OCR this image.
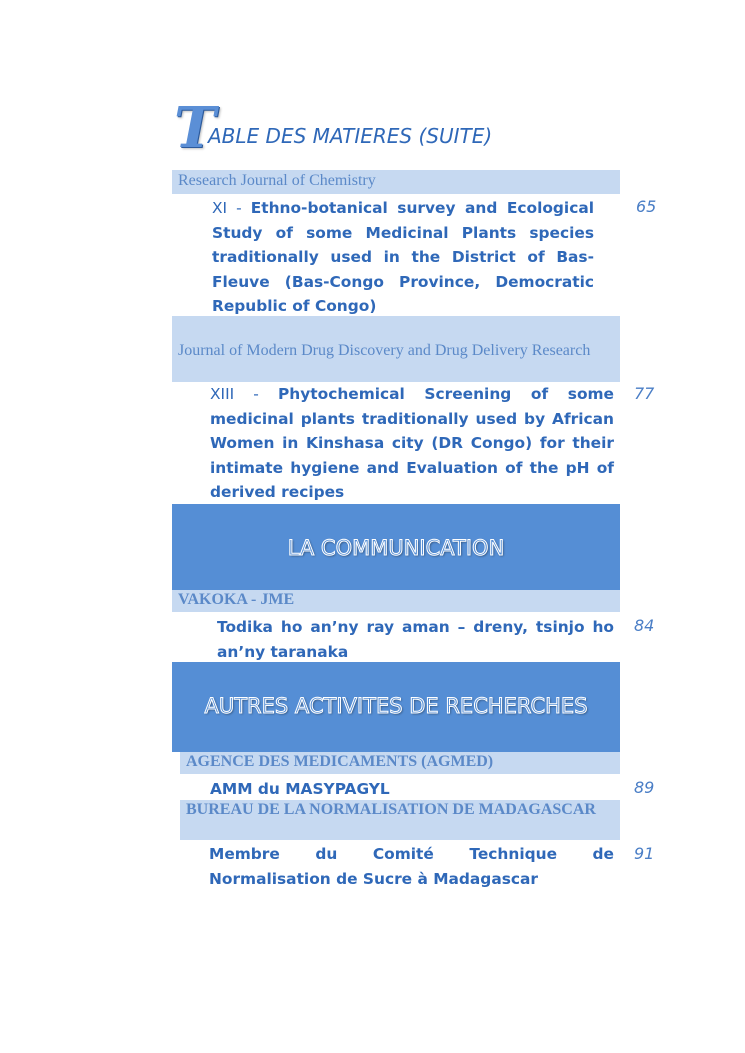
T
ABLE DES MATIERES (SUITE)
Research Journal of Chemistry
XI - Ethno-botanical survey and Ecological Study of some Medicinal Plants species traditionally used in the District of Bas-Fleuve (Bas-Congo Province, Democratic Republic of Congo)
65
Journal of Modern Drug Discovery and Drug Delivery Research
XIII - Phytochemical Screening of some medicinal plants traditionally used by African Women in Kinshasa city (DR Congo) for their intimate hygiene and Evaluation of the pH of derived recipes
77
LA COMMUNICATION
VAKOKA - JME
Todika ho an’ny ray aman – dreny, tsinjo ho an’ny taranaka
84
AUTRES ACTIVITES DE RECHERCHES
AGENCE DES MEDICAMENTS (AGMED)
AMM du MASYPAGYL	89
BUREAU DE LA NORMALISATION DE MADAGASCAR
Membre du Comité Technique de Normalisation de Sucre à Madagascar
91
